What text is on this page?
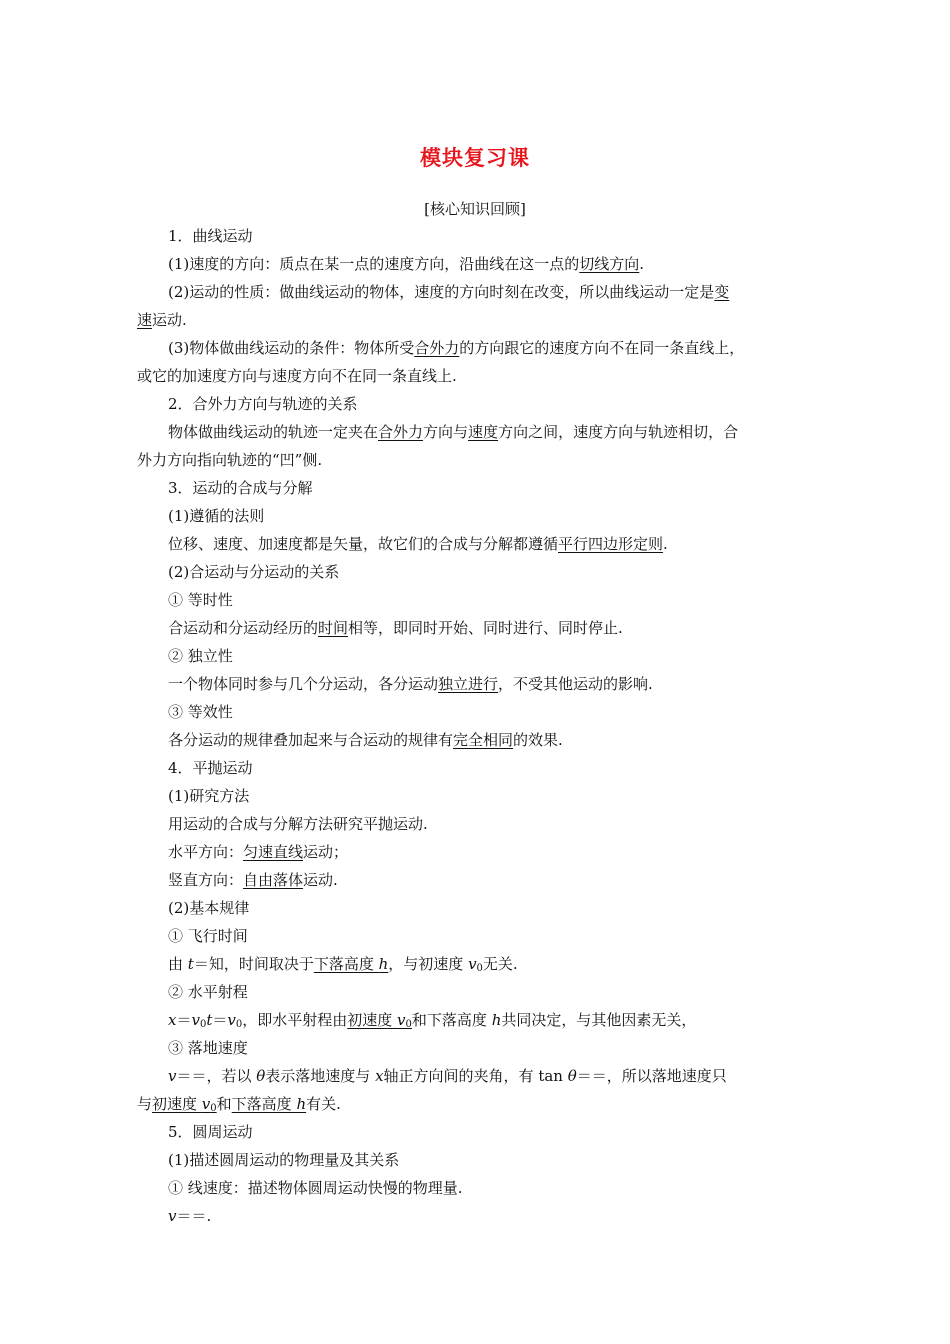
模块复习课
[核心知识回顾]
1．曲线运动
(1)速度的方向：质点在某一点的速度方向，沿曲线在这一点的切线方向.
(2)运动的性质：做曲线运动的物体，速度的方向时刻在改变，所以曲线运动一定是变
速运动.
(3)物体做曲线运动的条件：物体所受合外力的方向跟它的速度方向不在同一条直线上，
或它的加速度方向与速度方向不在同一条直线上.
2．合外力方向与轨迹的关系
物体做曲线运动的轨迹一定夹在合外力方向与速度方向之间，速度方向与轨迹相切，合
外力方向指向轨迹的“凹”侧.
3．运动的合成与分解
(1)遵循的法则
位移、速度、加速度都是矢量，故它们的合成与分解都遵循平行四边形定则.
(2)合运动与分运动的关系
① 等时性
合运动和分运动经历的时间相等，即同时开始、同时进行、同时停止.
② 独立性
一个物体同时参与几个分运动，各分运动独立进行，不受其他运动的影响.
③ 等效性
各分运动的规律叠加起来与合运动的规律有完全相同的效果.
4．平抛运动
(1)研究方法
用运动的合成与分解方法研究平抛运动.
水平方向：匀速直线运动；
竖直方向：自由落体运动.
(2)基本规律
① 飞行时间
由 t＝知，时间取决于下落高度 h，与初速度 $v_0$无关.
② 水平射程
$x=v_0t=v_0$，即水平射程由初速度 $v_0$和下落高度 h共同决定，与其他因素无关，
③ 落地速度
v＝＝，若以 θ表示落地速度与 x轴正方向间的夹角，有 tan θ＝＝，所以落地速度只
与初速度 $v_0$和下落高度 h有关.
5．圆周运动
(1)描述圆周运动的物理量及其关系
① 线速度：描述物体圆周运动快慢的物理量.
v＝＝.
